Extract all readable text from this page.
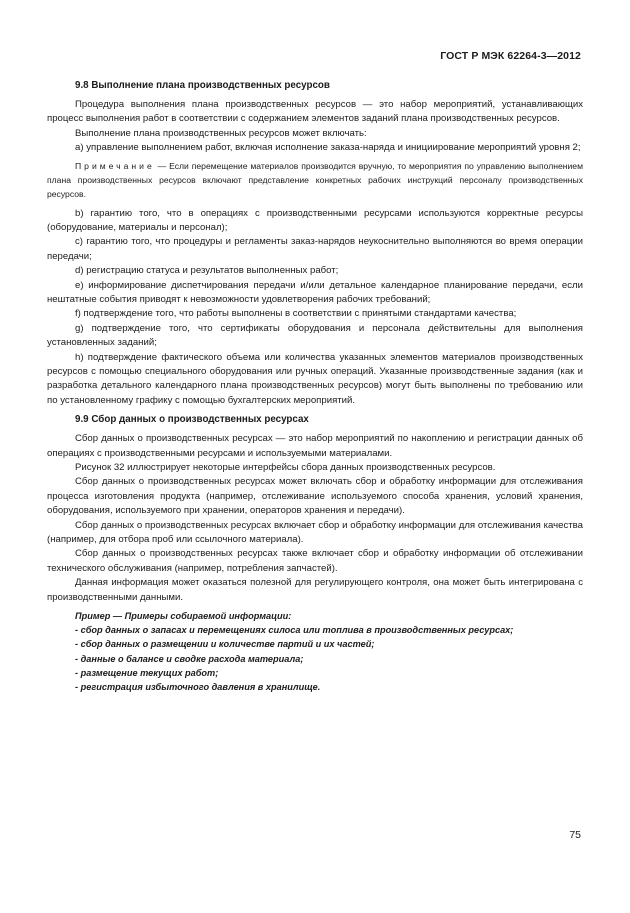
ГОСТ Р МЭК 62264-3—2012

9.8 Выполнение плана производственных ресурсов

Процедура выполнения плана производственных ресурсов — это набор мероприятий, устанавливающих процесс выполнения работ в соответствии с содержанием элементов заданий плана производственных ресурсов.

Выполнение плана производственных ресурсов может включать:

a) управление выполнением работ, включая исполнение заказа-наряда и инициирование мероприятий уровня 2;

Примечание — Если перемещение материалов производится вручную, то мероприятия по управлению выполнением плана производственных ресурсов включают представление конкретных рабочих инструкций персоналу производственных ресурсов.

b) гарантию того, что в операциях с производственными ресурсами используются корректные ресурсы (оборудование, материалы и персонал);

c) гарантию того, что процедуры и регламенты заказ-нарядов неукоснительно выполняются во время операции передачи;

d) регистрацию статуса и результатов выполненных работ;

e) информирование диспетчирования передачи и/или детальное календарное планирование передачи, если нештатные события приводят к невозможности удовлетворения рабочих требований;

f) подтверждение того, что работы выполнены в соответствии с принятыми стандартами качества;

g) подтверждение того, что сертификаты оборудования и персонала действительны для выполнения установленных заданий;

h) подтверждение фактического объема или количества указанных элементов материалов производственных ресурсов с помощью специального оборудования или ручных операций. Указанные производственные задания (как и разработка детального календарного плана производственных ресурсов) могут быть выполнены по требованию или по установленному графику с помощью бухгалтерских мероприятий.

9.9 Сбор данных о производственных ресурсах

Сбор данных о производственных ресурсах — это набор мероприятий по накоплению и регистрации данных об операциях с производственными ресурсами и используемыми материалами.

Рисунок 32 иллюстрирует некоторые интерфейсы сбора данных производственных ресурсов.

Сбор данных о производственных ресурсах может включать сбор и обработку информации для отслеживания процесса изготовления продукта (например, отслеживание используемого способа хранения, условий хранения, оборудования, используемого при хранении, операторов хранения и передачи).

Сбор данных о производственных ресурсах включает сбор и обработку информации для отслеживания качества (например, для отбора проб или ссылочного материала).

Сбор данных о производственных ресурсах также включает сбор и обработку информации об отслеживании технического обслуживания (например, потребления запчастей).

Данная информация может оказаться полезной для регулирующего контроля, она может быть интегрирована с производственными данными.

Пример — Примеры собираемой информации:

- сбор данных о запасах и перемещениях силоса или топлива в производственных ресурсах;

- сбор данных о размещении и количестве партий и их частей;

- данные о балансе и сводке расхода материала;

- размещение текущих работ;

- регистрация избыточного давления в хранилище.

75
